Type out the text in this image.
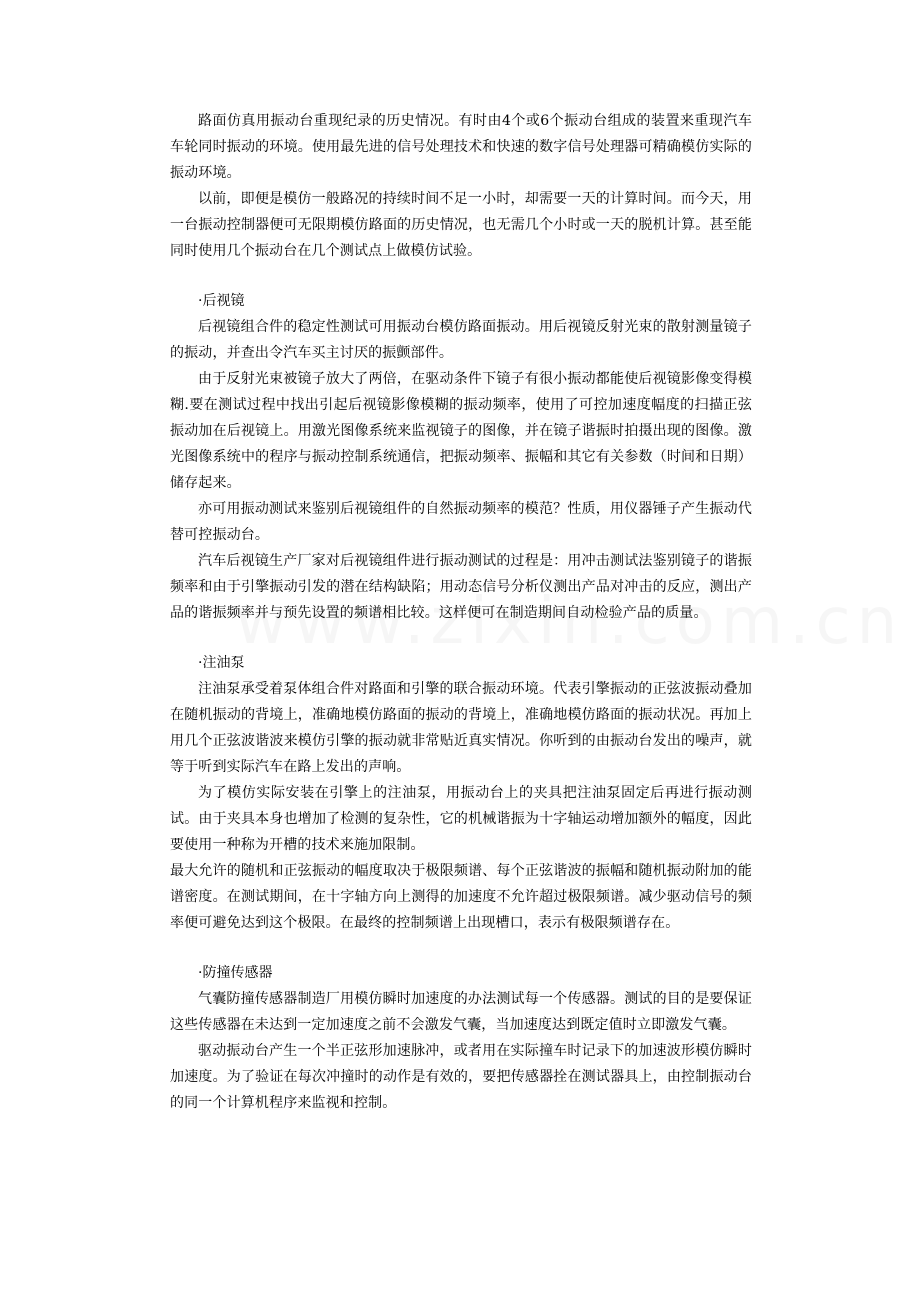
路面仿真用振动台重现纪录的历史情况。有时由4个或6个振动台组成的装置来重现汽车车轮同时振动的环境。使用最先进的信号处理技术和快速的数字信号处理器可精确模仿实际的振动环境。

以前，即便是模仿一般路况的持续时间不足一小时，却需要一天的计算时间。而今天，用一台振动控制器便可无限期模仿路面的历史情况，也无需几个小时或一天的脱机计算。甚至能同时使用几个振动台在几个测试点上做模仿试验。

·后视镜

后视镜组合件的稳定性测试可用振动台模仿路面振动。用后视镜反射光束的散射测量镜子的振动，并查出令汽车买主讨厌的振颤部件。

由于反射光束被镜子放大了两倍，在驱动条件下镜子有很小振动都能使后视镜影像变得模糊.要在测试过程中找出引起后视镜影像模糊的振动频率，使用了可控加速度幅度的扫描正弦振动加在后视镜上。用激光图像系统来监视镜子的图像，并在镜子谐振时拍摄出现的图像。激光图像系统中的程序与振动控制系统通信，把振动频率、振幅和其它有关参数（时间和日期）储存起来。

亦可用振动测试来鉴别后视镜组件的自然振动频率的模范？性质，用仪器锤子产生振动代替可控振动台。

汽车后视镜生产厂家对后视镜组件进行振动测试的过程是：用冲击测试法鉴别镜子的谐振频率和由于引擎振动引发的潜在结构缺陷；用动态信号分析仪测出产品对冲击的反应，测出产品的谐振频率并与预先设置的频谱相比较。这样便可在制造期间自动检验产品的质量。

·注油泵

注油泵承受着泵体组合件对路面和引擎的联合振动环境。代表引擎振动的正弦波振动叠加在随机振动的背境上，准确地模仿路面的振动的背境上，准确地模仿路面的振动状况。再加上用几个正弦波谐波来模仿引擎的振动就非常贴近真实情况。你听到的由振动台发出的噪声，就等于听到实际汽车在路上发出的声响。

为了模仿实际安装在引擎上的注油泵，用振动台上的夹具把注油泵固定后再进行振动测试。由于夹具本身也增加了检测的复杂性，它的机械谐振为十字轴运动增加额外的幅度，因此要使用一种称为开槽的技术来施加限制。

最大允许的随机和正弦振动的幅度取决于极限频谱、每个正弦谐波的振幅和随机振动附加的能谱密度。在测试期间，在十字轴方向上测得的加速度不允许超过极限频谱。减少驱动信号的频率便可避免达到这个极限。在最终的控制频谱上出现槽口，表示有极限频谱存在。

·防撞传感器

气囊防撞传感器制造厂用模仿瞬时加速度的办法测试每一个传感器。测试的目的是要保证这些传感器在未达到一定加速度之前不会激发气囊，当加速度达到既定值时立即激发气囊。

驱动振动台产生一个半正弦形加速脉冲，或者用在实际撞车时记录下的加速波形模仿瞬时加速度。为了验证在每次冲撞时的动作是有效的，要把传感器拴在测试器具上，由控制振动台的同一个计算机程序来监视和控制。
